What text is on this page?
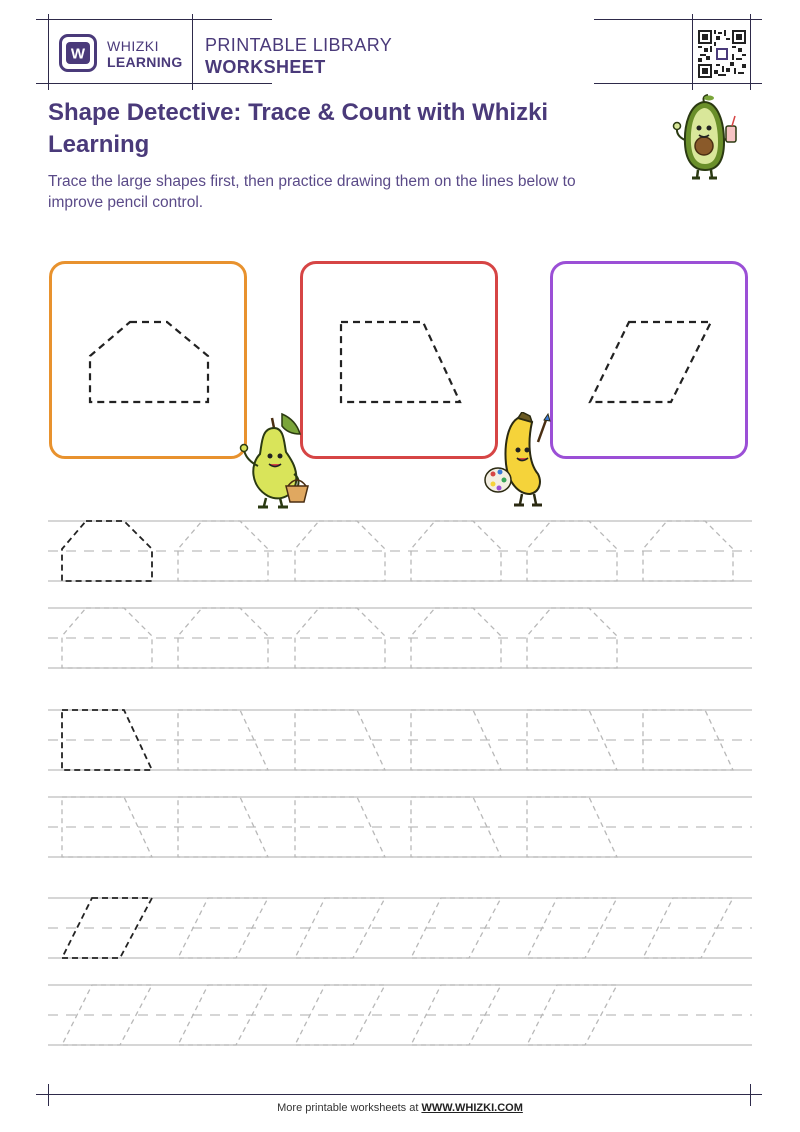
W WHIZKI
LEARNING
PRINTABLE LIBRARY
WORKSHEET
Shape Detective: Trace & Count with Whizki Learning
Trace the large shapes first, then practice drawing them on the lines below to improve pencil control.
More printable worksheets at WWW.WHIZKI.COM
